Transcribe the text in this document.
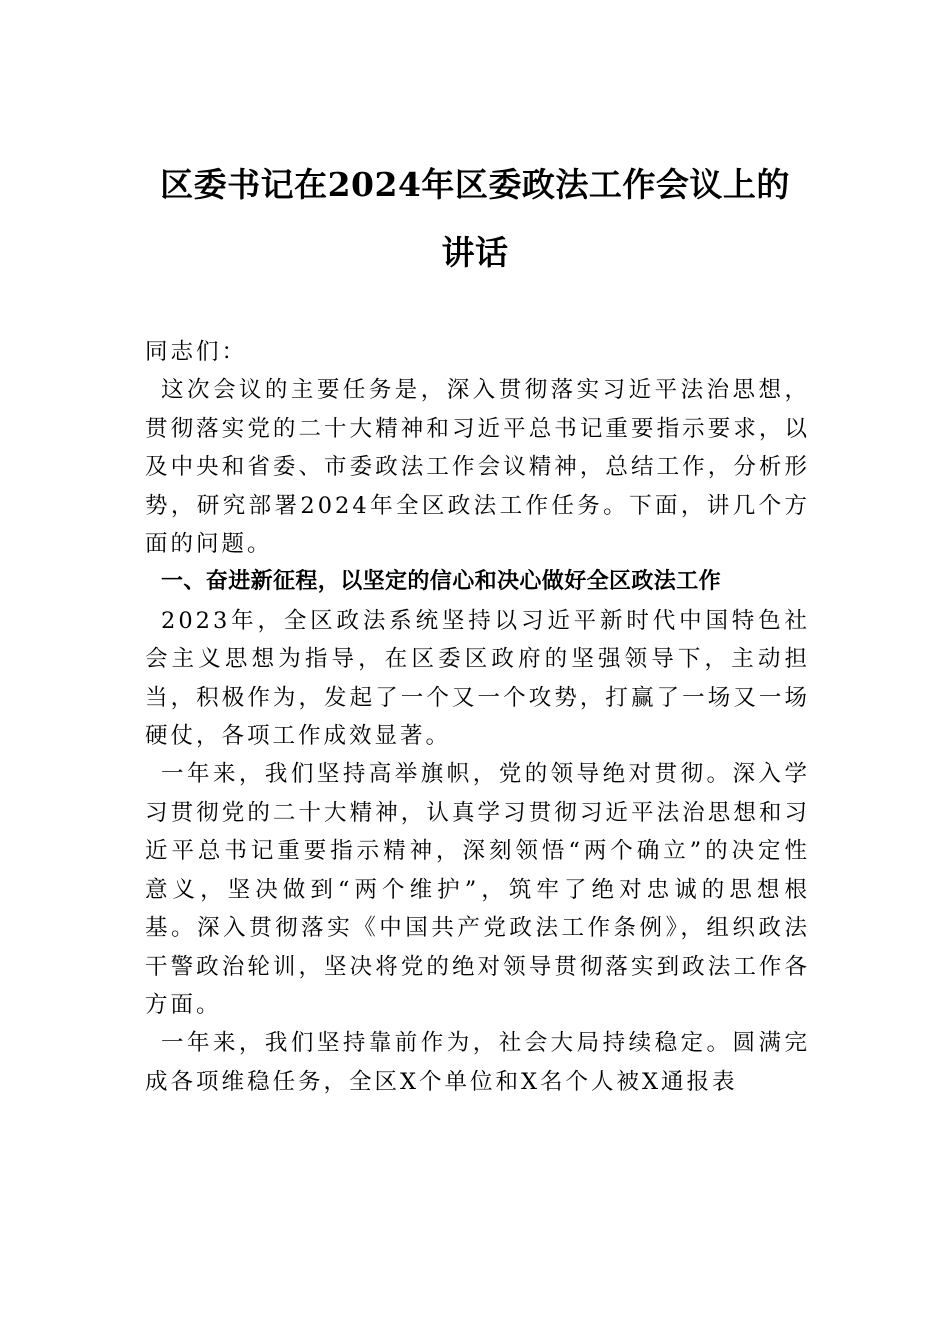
区委书记在2024年区委政法工作会议上的
讲话

同志们：

这次会议的主要任务是，深入贯彻落实习近平法治思想，贯彻落实党的二十大精神和习近平总书记重要指示要求，以及中央和省委、市委政法工作会议精神，总结工作，分析形势，研究部署2024年全区政法工作任务。下面，讲几个方面的问题。

一、奋进新征程，以坚定的信心和决心做好全区政法工作

2023年，全区政法系统坚持以习近平新时代中国特色社会主义思想为指导，在区委区政府的坚强领导下，主动担当，积极作为，发起了一个又一个攻势，打赢了一场又一场硬仗，各项工作成效显著。

一年来，我们坚持高举旗帜，党的领导绝对贯彻。深入学习贯彻党的二十大精神，认真学习贯彻习近平法治思想和习近平总书记重要指示精神，深刻领悟“两个确立”的决定性意义，坚决做到“两个维护”，筑牢了绝对忠诚的思想根基。深入贯彻落实《中国共产党政法工作条例》，组织政法干警政治轮训，坚决将党的绝对领导贯彻落实到政法工作各方面。

一年来，我们坚持靠前作为，社会大局持续稳定。圆满完成各项维稳任务，全区X个单位和X名个人被X通报表
